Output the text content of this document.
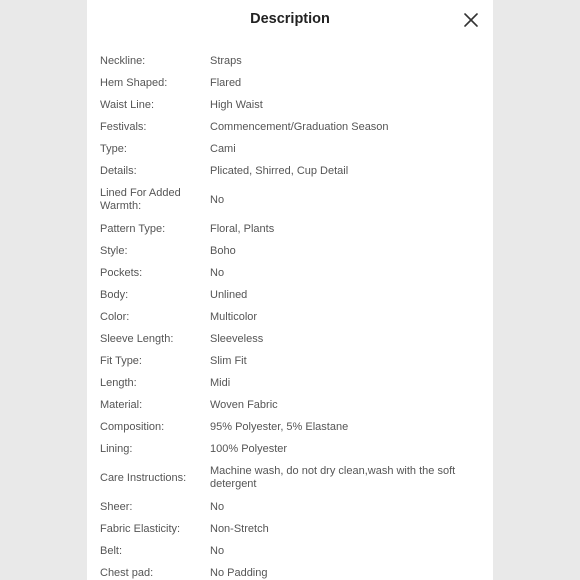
Description
Neckline:	Straps
Hem Shaped:	Flared
Waist Line:	High Waist
Festivals:	Commencement/Graduation Season
Type:	Cami
Details:	Plicated, Shirred, Cup Detail
Lined For Added Warmth:
No
Pattern Type:	Floral, Plants
Style:	Boho
Pockets:	No
Body:	Unlined
Color:	Multicolor
Sleeve Length:	Sleeveless
Fit Type:	Slim Fit
Length:	Midi
Material:	Woven Fabric
Composition:	95% Polyester, 5% Elastane
Lining:	100% Polyester
Care Instructions:
Machine wash, do not dry clean,wash with the soft detergent
Sheer:	No
Fabric Elasticity:	Non-Stretch
Belt:	No
Chest pad:	No Padding
